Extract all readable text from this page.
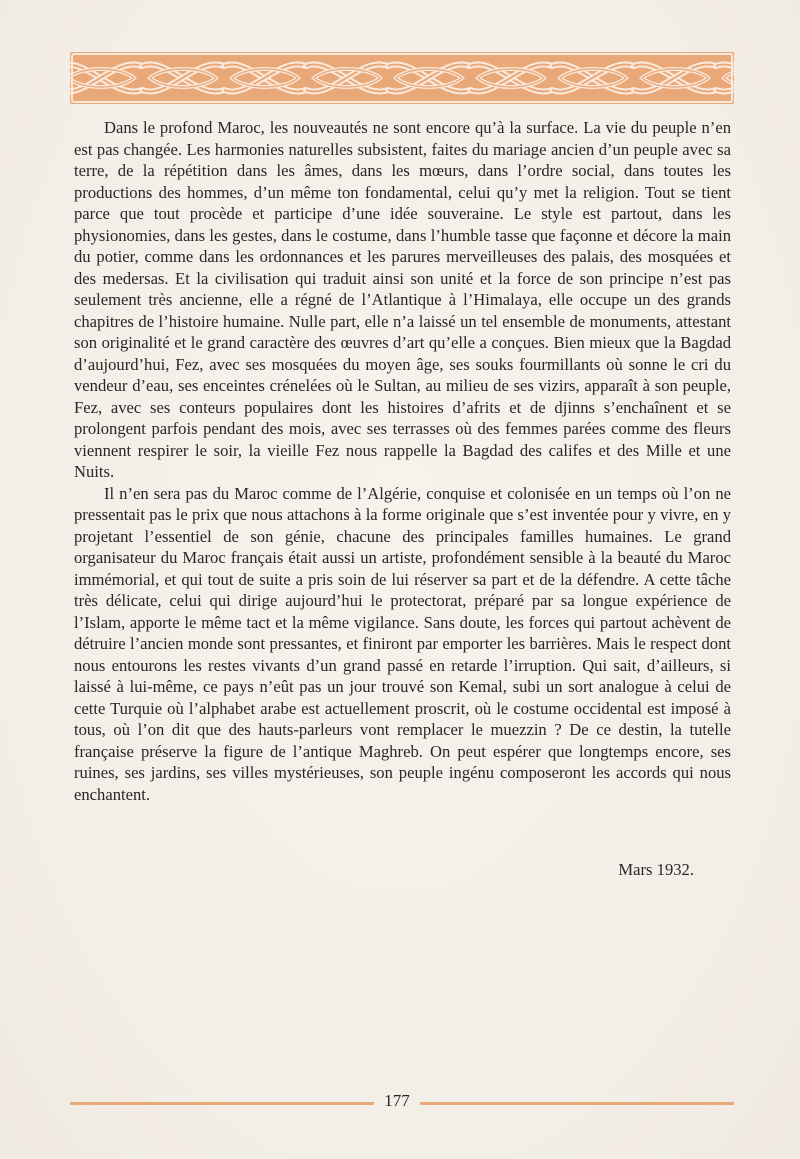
Dans le profond Maroc, les nouveautés ne sont encore qu’à la surface. La vie du peuple n’en est pas changée. Les harmonies naturelles subsistent, faites du mariage ancien d’un peuple avec sa terre, de la répétition dans les âmes, dans les mœurs, dans l’ordre social, dans toutes les productions des hommes, d’un même ton fondamental, celui qu’y met la religion. Tout se tient parce que tout procède et participe d’une idée souveraine. Le style est partout, dans les physionomies, dans les gestes, dans le costume, dans l’humble tasse que façonne et décore la main du potier, comme dans les ordonnances et les parures merveilleuses des palais, des mosquées et des medersas. Et la civilisation qui traduit ainsi son unité et la force de son principe n’est pas seulement très ancienne, elle a régné de l’Atlantique à l’Himalaya, elle occupe un des grands chapitres de l’histoire humaine. Nulle part, elle n’a laissé un tel ensemble de monuments, attestant son originalité et le grand caractère des œuvres d’art qu’elle a conçues. Bien mieux que la Bagdad d’aujourd’hui, Fez, avec ses mosquées du moyen âge, ses souks fourmillants où sonne le cri du vendeur d’eau, ses enceintes crénelées où le Sultan, au milieu de ses vizirs, apparaît à son peuple, Fez, avec ses conteurs populaires dont les histoires d’afrits et de djinns s’enchaînent et se prolongent parfois pendant des mois, avec ses terrasses où des femmes parées comme des fleurs viennent respirer le soir, la vieille Fez nous rappelle la Bagdad des califes et des Mille et une Nuits.

Il n’en sera pas du Maroc comme de l’Algérie, conquise et colonisée en un temps où l’on ne pressentait pas le prix que nous attachons à la forme originale que s’est inventée pour y vivre, en y projetant l’essentiel de son génie, chacune des principales familles humaines. Le grand organisateur du Maroc français était aussi un artiste, profondément sensible à la beauté du Maroc immémorial, et qui tout de suite a pris soin de lui réserver sa part et de la défendre. A cette tâche très délicate, celui qui dirige aujourd’hui le protectorat, préparé par sa longue expérience de l’Islam, apporte le même tact et la même vigilance. Sans doute, les forces qui partout achèvent de détruire l’ancien monde sont pressantes, et finiront par emporter les barrières. Mais le respect dont nous entourons les restes vivants d’un grand passé en retarde l’irruption. Qui sait, d’ailleurs, si laissé à lui-même, ce pays n’eût pas un jour trouvé son Kemal, subi un sort analogue à celui de cette Turquie où l’alphabet arabe est actuellement proscrit, où le costume occidental est imposé à tous, où l’on dit que des hauts-parleurs vont remplacer le muezzin ? De ce destin, la tutelle française préserve la figure de l’antique Maghreb. On peut espérer que longtemps encore, ses ruines, ses jardins, ses villes mystérieuses, son peuple ingénu composeront les accords qui nous enchantent.

Mars 1932.
177
